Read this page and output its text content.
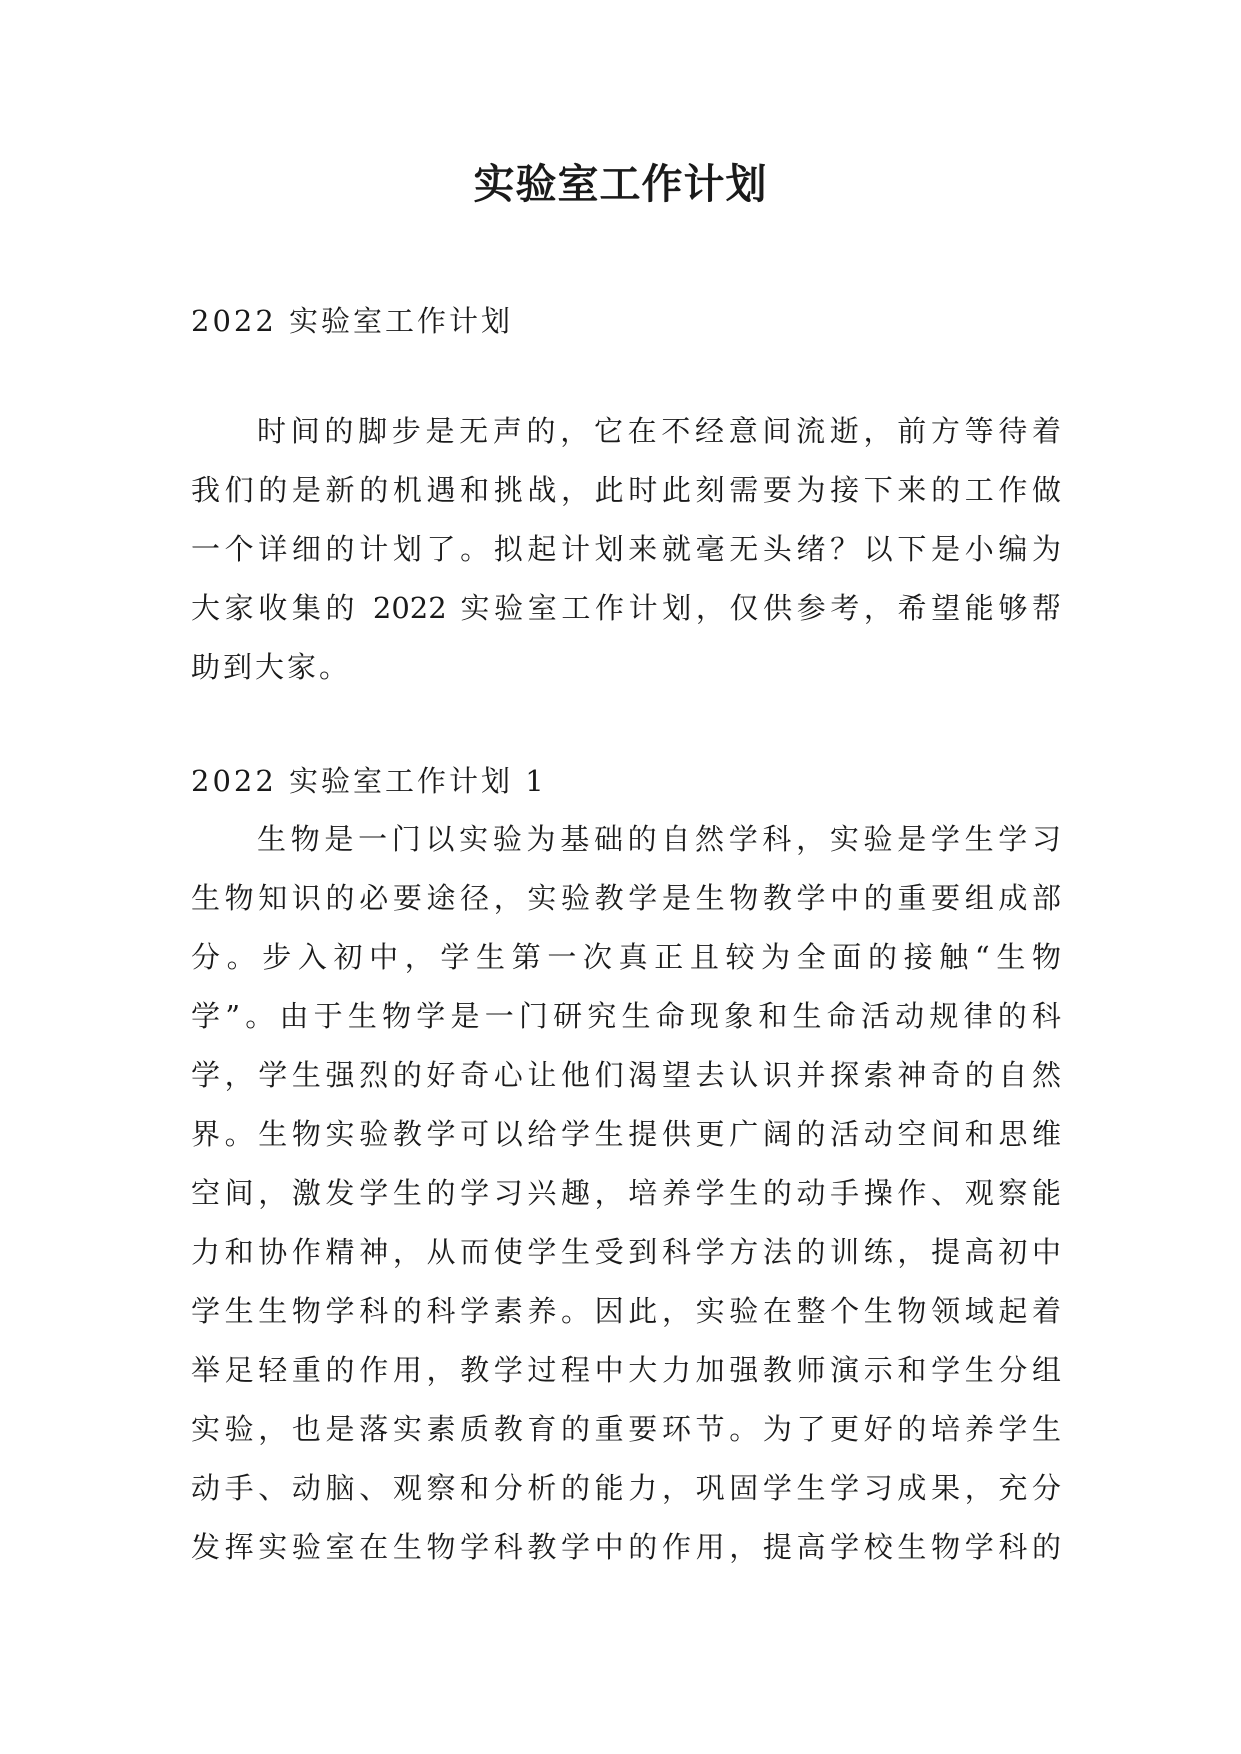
实验室工作计划

2022 实验室工作计划

时间的脚步是无声的，它在不经意间流逝，前方等待着
我们的是新的机遇和挑战，此时此刻需要为接下来的工作做
一个详细的计划了。拟起计划来就毫无头绪？以下是小编为
大家收集的 2022 实验室工作计划，仅供参考，希望能够帮
助到大家。

2022 实验室工作计划 1

生物是一门以实验为基础的自然学科，实验是学生学习
生物知识的必要途径，实验教学是生物教学中的重要组成部
分。步入初中，学生第一次真正且较为全面的接触“生物
学”。由于生物学是一门研究生命现象和生命活动规律的科
学，学生强烈的好奇心让他们渴望去认识并探索神奇的自然
界。生物实验教学可以给学生提供更广阔的活动空间和思维
空间，激发学生的学习兴趣，培养学生的动手操作、观察能
力和协作精神，从而使学生受到科学方法的训练，提高初中
学生生物学科的科学素养。因此，实验在整个生物领域起着
举足轻重的作用，教学过程中大力加强教师演示和学生分组
实验，也是落实素质教育的重要环节。为了更好的培养学生
动手、动脑、观察和分析的能力，巩固学生学习成果，充分
发挥实验室在生物学科教学中的作用，提高学校生物学科的
